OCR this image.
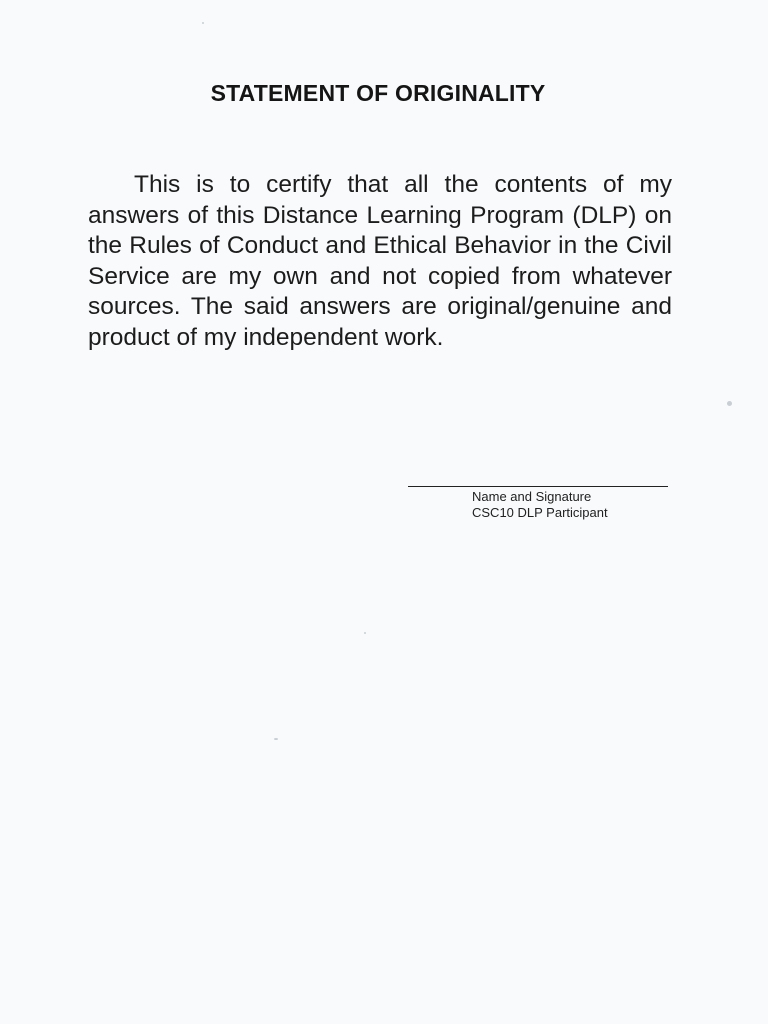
STATEMENT OF ORIGINALITY

This is to certify that all the contents of my answers of this Distance Learning Program (DLP) on the Rules of Conduct and Ethical Behavior in the Civil Service are my own and not copied from whatever sources. The said answers are original/genuine and product of my independent work.

Name and Signature
CSC10 DLP Participant
